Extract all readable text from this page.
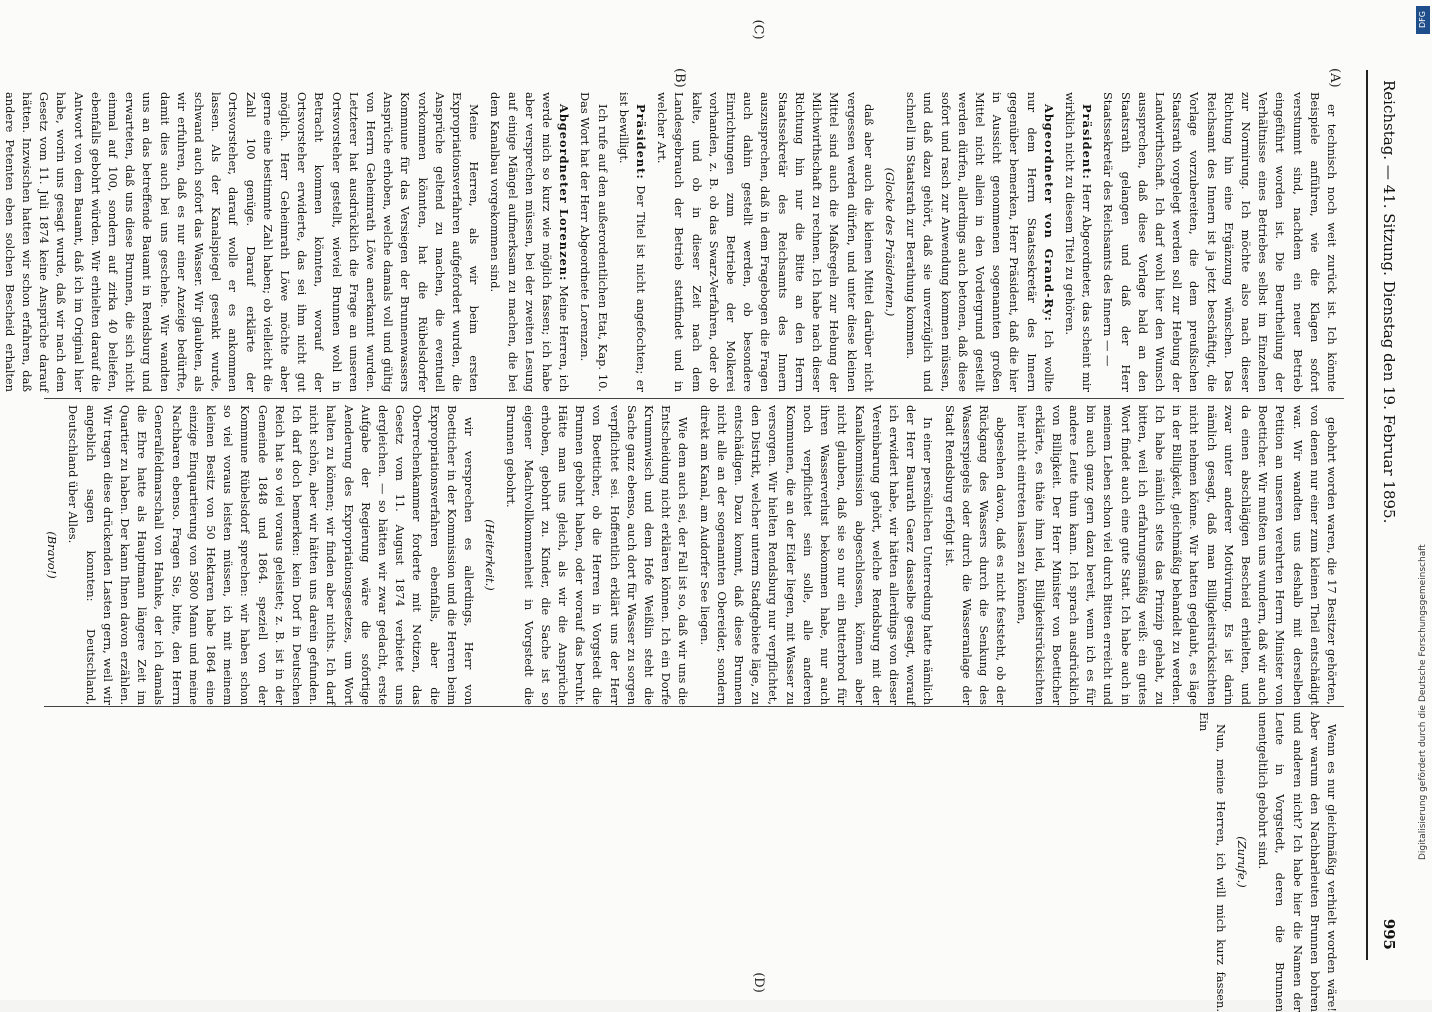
Reichstag. — 41. Sitzung. Dienstag den 19. Februar 1895.
995
(A)
(B)

er technisch noch weit zurück ist. Ich könnte Beispiele anführen, wie die Klagen sofort verstummt sind, nachdem ein neuer Betrieb eingeführt worden ist. Die Beurtheilung der Verhältnisse eines Betriebes selbst im Einzelnen zur Normirung. Ich möchte also nach dieser Richtung hin eine Ergänzung wünschen. Das Reichsamt des Innern ist ja jetzt beschäftigt, die Vorlage vorzubereiten, die dem preußischen Staatsrath vorgelegt werden soll zur Hebung der Landwirthschaft. Ich darf wohl hier den Wunsch aussprechen, daß diese Vorlage bald an den Staatsrath gelangen und daß der Herr Staatssekretär des Reichsamts des Innern — —

Präsident: Herr Abgeordneter, das scheint mir wirklich nicht zu diesem Titel zu gehören.

Abgeordneter von Grand-Ry: Ich wollte nur dem Herrn Staatssekretär des Innern gegenüber bemerken, Herr Präsident, daß die hier in Aussicht genommenen sogenannten großen Mittel nicht allein in den Vordergrund gestellt werden dürfen, allerdings auch betonen, daß diese sofort und rasch zur Anwendung kommen müssen, und daß dazu gehört, daß sie unverzüglich und schnell im Staatsrath zur Berathung kommen.

(Glocke des Präsidenten.)

daß aber auch die kleinen Mittel darüber nicht vergessen werden dürfen, und unter diese kleinen Mittel sind auch die Maßregeln zur Hebung der Milchwirthschaft zu rechnen. Ich habe nach dieser Richtung hin nur die Bitte an den Herrn Staatssekretär des Reichsamts des Innern auszusprechen, daß in dem Fragebogen die Fragen auch dahin gestellt werden, ob besondere Einrichtungen zum Betriebe der Molkerei vorhanden, z. B. ob das Swarz-Verfahren, oder ob kalte, und ob in dieser Zeit nach dem Landesgebrauch der Betrieb stattfindet und in welcher Art.

Präsident: Der Titel ist nicht angefochten; er ist bewilligt.

Ich rufe auf den außerordentlichen Etat, Kap. 10. Das Wort hat der Herr Abgeordnete Lorenzen.

Abgeordneter Lorenzen: Meine Herren, ich werde mich so kurz wie möglich fassen; ich habe aber versprechen müssen, bei der zweiten Lesung auf einige Mängel aufmerksam zu machen, die bei dem Kanalbau vorgekommen sind.

Meine Herren, als wir beim ersten Expropriationsverfahren aufgefordert wurden, die Ansprüche geltend zu machen, die eventuell vorkommen könnten, hat die Rübelsdorfer Kommune für das Versiegen der Brunnenwassers Ansprüche erhoben, welche damals voll und gültig von Herrn Geheimrath Löwe anerkannt wurden. Letzterer hat ausdrücklich die Frage an unseren Ortsvorsteher gestellt, wieviel Brunnen wohl in Betracht kommen könnten, worauf der Ortsvorsteher erwiderte, das sei ihm nicht gut möglich. Herr Geheimrath Löwe möchte aber gerne eine bestimmte Zahl haben; ob vielleicht die Zahl 100 genüge. Darauf erklärte der Ortsvorsteher, darauf wolle er es ankommen lassen. Als der Kanalspiegel gesenkt wurde, schwand auch sofort das Wasser. Wir glaubten, als wir erfuhren, daß es nur einer Anzeige bedürfte, damit dies auch bei uns geschehe. Wir wandten uns an das betreffende Bauamt in Rendsburg und erwarteten, daß uns diese Brunnen, die sich nicht einmal auf 100, sondern auf zirka 40 beliefen, ebenfalls gebohrt würden. Wir erhielten darauf die Antwort von dem Bauamt, daß ich im Original hier habe, worin uns gesagt wurde, daß wir nach dem Gesetz vom 11. Juli 1874 keine Ansprüche darauf hätten. Inzwischen hatten wir schon erfahren, daß andere Petenten eben solchen Bescheid erhalten

gebohrt worden waren, die 17 Besitzer gehörten, von denen nur einer zum kleinen Theil entschädigt war. Wir wandten uns deshalb mit derselben Petition an unseren verehrten Herrn Minister von Boetticher. Wir mußten uns wundern, daß wir auch da einen abschlägigen Bescheid erhielten, und zwar unter anderer Motivirung. Es ist darin nämlich gesagt, daß man Billigkeitsrücksichten nicht nehmen könne. Wir hatten geglaubt, es läge in der Billigkeit, gleichmäßig behandelt zu werden. Ich habe nämlich stets das Prinzip gehabt, zu bitten, weil ich erfahrungsmäßig weiß: ein gutes Wort findet auch eine gute Statt. Ich habe auch in meinem Leben schon viel durch Bitten erreicht und bin auch ganz gern dazu bereit, wenn ich es für andere Leute thun kann. Ich sprach ausdrücklich von Billigkeit. Der Herr Minister von Boetticher erklärte, es thäte ihm leid, Billigkeitsrücksichten hier nicht eintreten lassen zu können,

abgesehen davon, daß es nicht feststeht, ob der Rückgang des Wassers durch die Senkung des Wasserspiegels oder durch die Wasseranlage der Stadt Rendsburg erfolgt ist.

In einer persönlichen Unterredung hatte nämlich der Herr Baurath Gaerz dasselbe gesagt, worauf ich erwidert habe, wir hätten allerdings von dieser Vereinbarung gehört, welche Rendsburg mit der Kanalkommission abgeschlossen, können aber nicht glauben, daß sie so nur ein Butterbrod für ihren Wasserverlust bekommen habe, nur auch noch verpflichtet sein solle, alle anderen Kommunen, die an der Eider liegen, mit Wasser zu versorgen. Wir hielten Rendsburg nur verpflichtet, den Distrikt, welcher unterm Stadtgebiete läge, zu entschädigen. Dazu kommt, daß diese Brunnen nicht alle an der sogenannten Obereider, sondern direkt am Kanal, am Audorfer See liegen.

Wie dem auch sei, der Fall ist so, daß wir uns die Entscheidung nicht erklären können. Ich ein Dorfe Krummwisch und dem Hofe Weißlin steht die Sache ganz ebenso, auch dort für Wasser zu sorgen verpflichtet sei. Hoffentlich erklärt uns der Herr von Boetticher, ob die Herren in Vorgstedt die Brunnen gebohrt haben, oder worauf das beruht. Hätte man uns gleich, als wir die Ansprüche erhoben, gebohrt zu. Kinder, die Sache ist so eigener Machtvollkommenheit in Vorgstedt die Brunnen gebohrt.

(Heiterkeit.)

wir versprechen es allerdings, Herr von Boetticher in der Kommission und die Herren beim Expropriationsverfahren ebenfalls, aber die Oberrechenkammer forderte mit Notizen, das Gesetz vom 11. August 1874 verbietet uns dergleichen. — so hätten wir zwar gedacht, erste Aufgabe der Regierung wäre die sofortige Aenderung des Expropriationsgesetzes, um Wort halten zu können; wir finden aber nichts. Ich darf nicht schön, aber wir hätten uns darein gefunden. Ich darf doch bemerken: kein Dorf in Deutschen Reich hat so viel voraus geleistet; z. B. ist in der Gemeinde 1848 und 1864. speziell von der Kommune Rübelsdorf sprechen: wir haben schon so viel voraus leisten müssen, ich mit meinem kleinen Besitz von 50 Hektaren habe 1864 eine einzige Einquartierung von 5800 Mann und meine Nachbaren ebenso. Fragen Sie, bitte, den Herrn Generalfeldmarschall von Hahnke, der ich damals die Ehre hatte als Hauptmann längere Zeit im Quartier zu haben. Der kann Ihnen davon erzählen. Wir tragen diese drückenden Lasten gern, weil wir angeblich sagen konnten: Deutschland, Deutschland über Alles.

(Bravo!)

Wenn es nur gleichmäßig verhielt worden wäre! Aber warum den Nachbarleuten Brunnen bohren und anderen nicht? Ich habe hier die Namen der Leute in Vorgstedt, deren die Brunnen unentgeltlich gebohrt sind.

(Zurufe.)

Nun, meine Herren, ich will mich kurz fassen. Ein

(C)
(D)
DFG
Digitalisierung gefördert durch die Deutsche Forschungsgemeinschaft
